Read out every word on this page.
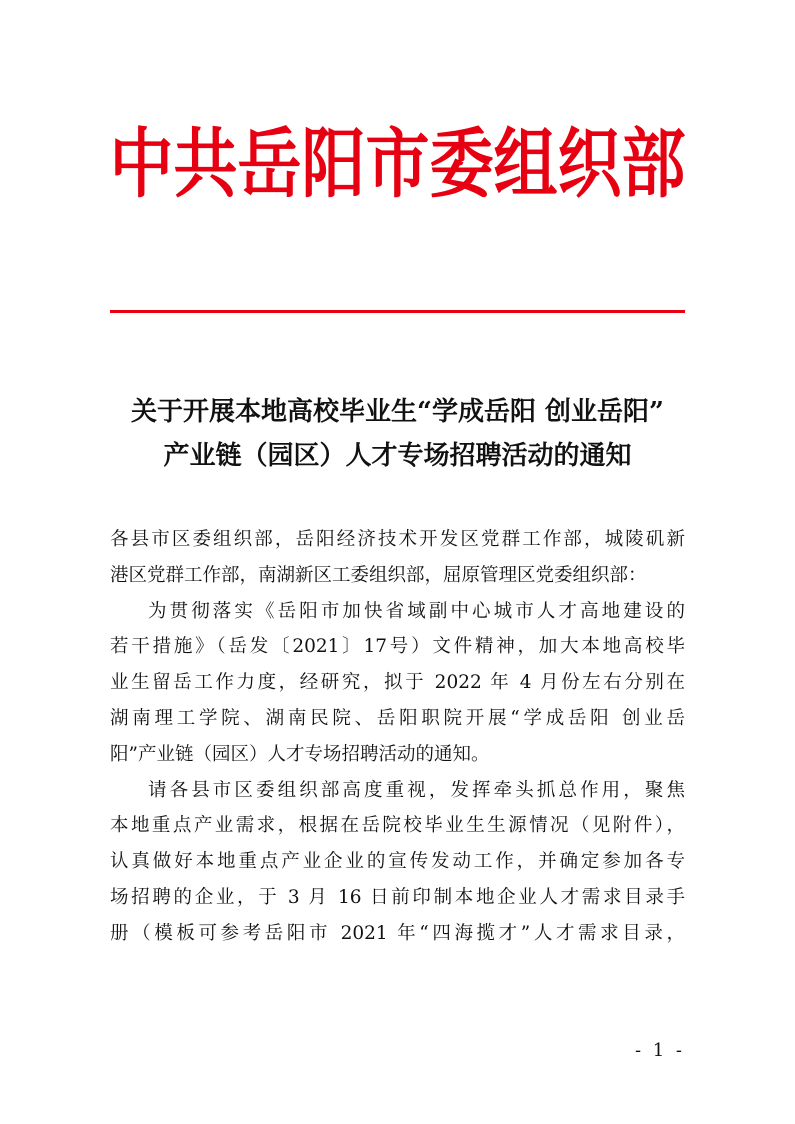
中共岳阳市委组织部
关于开展本地高校毕业生“学成岳阳 创业岳阳”
产业链（园区）人才专场招聘活动的通知
各县市区委组织部，岳阳经济技术开发区党群工作部，城陵矶新
港区党群工作部，南湖新区工委组织部，屈原管理区党委组织部：
为贯彻落实《岳阳市加快省域副中心城市人才高地建设的
若干措施》（岳发〔2021〕17号）文件精神，加大本地高校毕
业生留岳工作力度，经研究，拟于 2022 年 4 月份左右分别在
湖南理工学院、湖南民院、岳阳职院开展“学成岳阳 创业岳
阳”产业链（园区）人才专场招聘活动的通知。
请各县市区委组织部高度重视，发挥牵头抓总作用，聚焦
本地重点产业需求，根据在岳院校毕业生生源情况（见附件），
认真做好本地重点产业企业的宣传发动工作，并确定参加各专
场招聘的企业，于 3 月 16 日前印制本地企业人才需求目录手
册（模板可参考岳阳市 2021 年“四海揽才”人才需求目录，
- 1 -
